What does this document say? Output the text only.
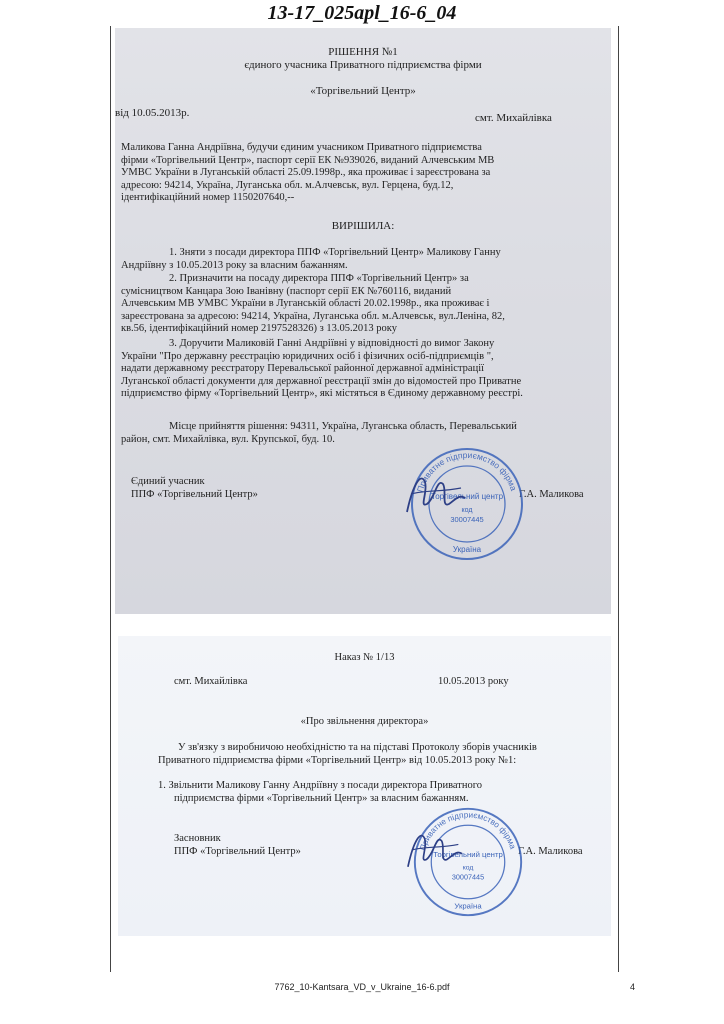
13-17_025apl_16-6_04
РІШЕННЯ №1
єдиного учасника Приватного підприємства фірми
«Торгівельний Центр»
від 10.05.2013р.	смт. Михайлівка
Маликова Ганна Андріївна, будучи єдиним учасником Приватного підприємства
фірми «Торгівельний Центр», паспорт серії ЕК №939026, виданий Алчевським МВ
УМВС України в Луганській області 25.09.1998р., яка проживає і зареєстрована за
адресою: 94214, Україна, Луганська обл. м.Алчевськ, вул. Герцена, буд.12,
ідентифікаційний номер 1150207640,--
ВИРІШИЛА:
1. Зняти з посади директора ППФ «Торгівельний Центр» Маликову Ганну
Андріївну з 10.05.2013 року за власним бажанням.
2. Призначити на посаду директора ППФ «Торгівельний Центр» за
сумісництвом Канцара Зою Іванівну (паспорт серії ЕК №760116, виданий
Алчевським МВ УМВС України в Луганській області 20.02.1998р., яка проживає і
зареєстрована за адресою: 94214, Україна, Луганська обл. м.Алчевськ, вул.Леніна, 82,
кв.56, ідентифікаційний номер 2197528326) з 13.05.2013 року
3. Доручити Маликовій Ганні Андріївні у відповідності до вимог Закону
України "Про державну реєстрацію юридичних осіб і фізичних осіб-підприємців ",
надати державному реєстратору Перевальської районної державної адміністрації
Луганської області документи для державної реєстрації змін до відомостей про Приватне
підприємство фірму «Торгівельний Центр», які містяться в Єдиному державному реєстрі.
Місце прийняття рішення: 94311, Україна, Луганська область, Перевальський
район, смт. Михайлівка, вул. Крупської, буд. 10.
Єдиний учасник
ППФ «Торгівельний Центр»	Г.А. Маликова
Приватне підприємство фірма
Торгівельний центр
код
30007445
Україна
Наказ № 1/13
смт. Михайлівка	10.05.2013 року
«Про звільнення директора»
У зв'язку з виробничою необхідністю та на підставі Протоколу зборів учасників
Приватного підприємства фірми «Торгівельний Центр» від 10.05.2013 року №1:
1. Звільнити Маликову Ганну Андріївну з посади директора Приватного
підприємства фірми «Торгівельний Центр» за власним бажанням.
Засновник
ППФ «Торгівельний Центр»	Г.А. Маликова
Приватне підприємство фірма
Торгівельний центр
код
30007445
Україна
7762_10-Kantsara_VD_v_Ukraine_16-6.pdf	4
